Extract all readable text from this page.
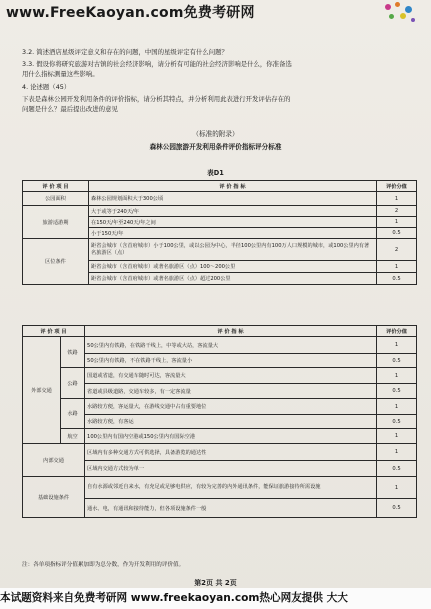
www.FreeKaoyan.com免费考研网
3.2. 简述酒店星级评定意义和存在的问题，中国的星级评定有什么问题？
3.3. 假设你将研究旅游对古镇的社会经济影响，请分析有可能的社会经济影响是什么，你准备选
用什么指标测量这些影响。
4. 论述题（45）
下表是森林公园开发利用条件的评价指标，请分析其特点，并分析利用此表进行开发评估存在的
问题是什么？最后提出改进的意见
（标准的附录）
森林公园旅游开发利用条件评价指标评分标准
表D1
评 价 项 目	评 价 指 标	评价分值
公园面积	森林公园规划面积大于300公顷	1
旅游适游期	大于或等于240天/年	2
	在150天/年至240天/年之间	1
	小于150天/年	0.5
区位条件	距省会城市（含首府城市）小于100公里，或以公园为中心，半径100公里内有100万人口规模的城市，或100公里内有著名旅游区（点）	2
	距省会城市（含首府城市）或著名旅游区（点）100～200公里	1
	距省会城市（含首府城市）或著名旅游区（点）超过200公里	0.5
评 价 项 目		评 价 指 标	评价分值
外部交通	铁路	50公里内有铁路，在铁路干线上，中等或大站，客流量大	1
		50公里内有铁路，不在铁路干线上，客流量小	0.5
	公路	国道或省道，有交通车随时可达，客流量大	1
		省道或县级道路，交通车较多，有一定客流量	0.5
	水路	水路较方便，客运量大，在游线交通中占有重要地位	1
		水路较方便，有客运	0.5
	航空	100公里内有国内空港或150公里内有国际空港	1
内部交通		区域内有多种交通方式可供选择，具备游览的通达性	1
		区域内交通方式较为单一	0.5
基础设施条件		自有水源或邻近自来水，有充足或足够电供应，有较为完善的内外通讯条件，能保证旅游接待所需设施	1
		通水、电，有通讯和接待能力，但各项设施条件一般	0.5
注：各单项指标评分值累加即为总分数，作为开发利用的评价值。
第2页 共 2页
本试题资料来自免费考研网 www.freekaoyan.com热心网友提供 大大
